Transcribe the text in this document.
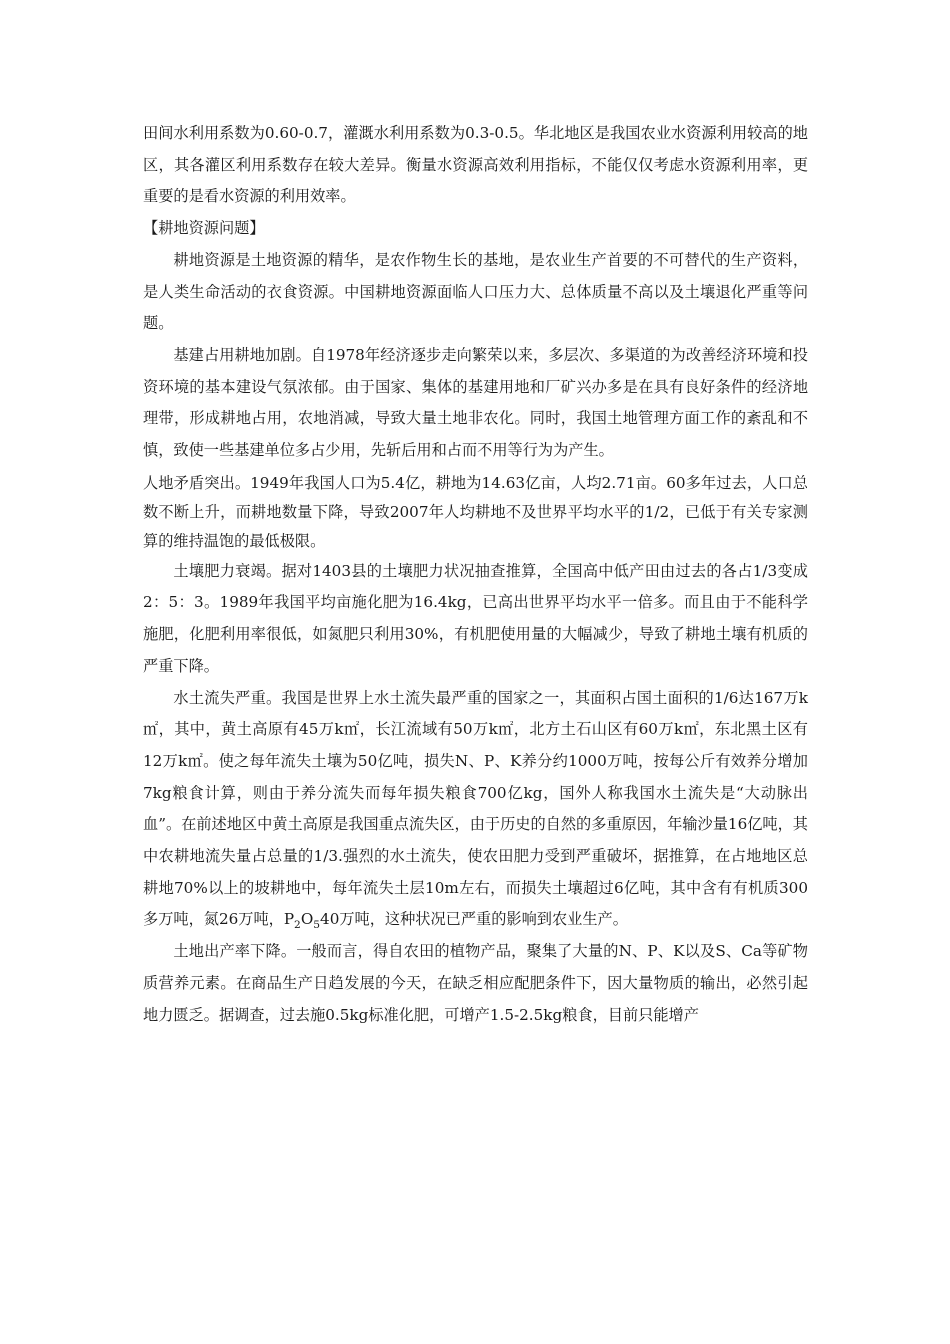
田间水利用系数为0.60-0.7，灌溉水利用系数为0.3-0.5。华北地区是我国农业水资源利用较高的地区，其各灌区利用系数存在较大差异。衡量水资源高效利用指标，不能仅仅考虑水资源利用率，更重要的是看水资源的利用效率。

【耕地资源问题】

耕地资源是土地资源的精华，是农作物生长的基地，是农业生产首要的不可替代的生产资料，是人类生命活动的衣食资源。中国耕地资源面临人口压力大、总体质量不高以及土壤退化严重等问题。

基建占用耕地加剧。自1978年经济逐步走向繁荣以来，多层次、多渠道的为改善经济环境和投资环境的基本建设气氛浓郁。由于国家、集体的基建用地和厂矿兴办多是在具有良好条件的经济地理带，形成耕地占用，农地消减，导致大量土地非农化。同时，我国土地管理方面工作的紊乱和不慎，致使一些基建单位多占少用，先斩后用和占而不用等行为为产生。

人地矛盾突出。1949年我国人口为5.4亿，耕地为14.63亿亩，人均2.71亩。60多年过去，人口总数不断上升，而耕地数量下降，导致2007年人均耕地不及世界平均水平的1/2，已低于有关专家测算的维持温饱的最低极限。

土壤肥力衰竭。据对1403县的土壤肥力状况抽查推算，全国高中低产田由过去的各占1/3变成2：5：3。1989年我国平均亩施化肥为16.4kg，已高出世界平均水平一倍多。而且由于不能科学施肥，化肥利用率很低，如氮肥只利用30%，有机肥使用量的大幅减少，导致了耕地土壤有机质的严重下降。

水土流失严重。我国是世界上水土流失最严重的国家之一，其面积占国土面积的1/6达167万k㎡，其中，黄土高原有45万k㎡，长江流域有50万k㎡，北方土石山区有60万k㎡，东北黑土区有12万k㎡。使之每年流失土壤为50亿吨，损失N、P、K养分约1000万吨，按每公斤有效养分增加7kg粮食计算，则由于养分流失而每年损失粮食700亿kg，国外人称我国水土流失是“大动脉出血”。在前述地区中黄土高原是我国重点流失区，由于历史的自然的多重原因，年输沙量16亿吨，其中农耕地流失量占总量的1/3.强烈的水土流失，使农田肥力受到严重破坏，据推算，在占地地区总耕地70%以上的坡耕地中，每年流失土层10m左右，而损失土壤超过6亿吨，其中含有有机质300多万吨，氮26万吨，$P_2O_540$万吨，这种状况已严重的影响到农业生产。

土地出产率下降。一般而言，得自农田的植物产品，聚集了大量的N、P、K以及S、Ca等矿物质营养元素。在商品生产日趋发展的今天，在缺乏相应配肥条件下，因大量物质的输出，必然引起地力匮乏。据调查，过去施0.5kg标准化肥，可增产1.5-2.5kg粮食，目前只能增产
